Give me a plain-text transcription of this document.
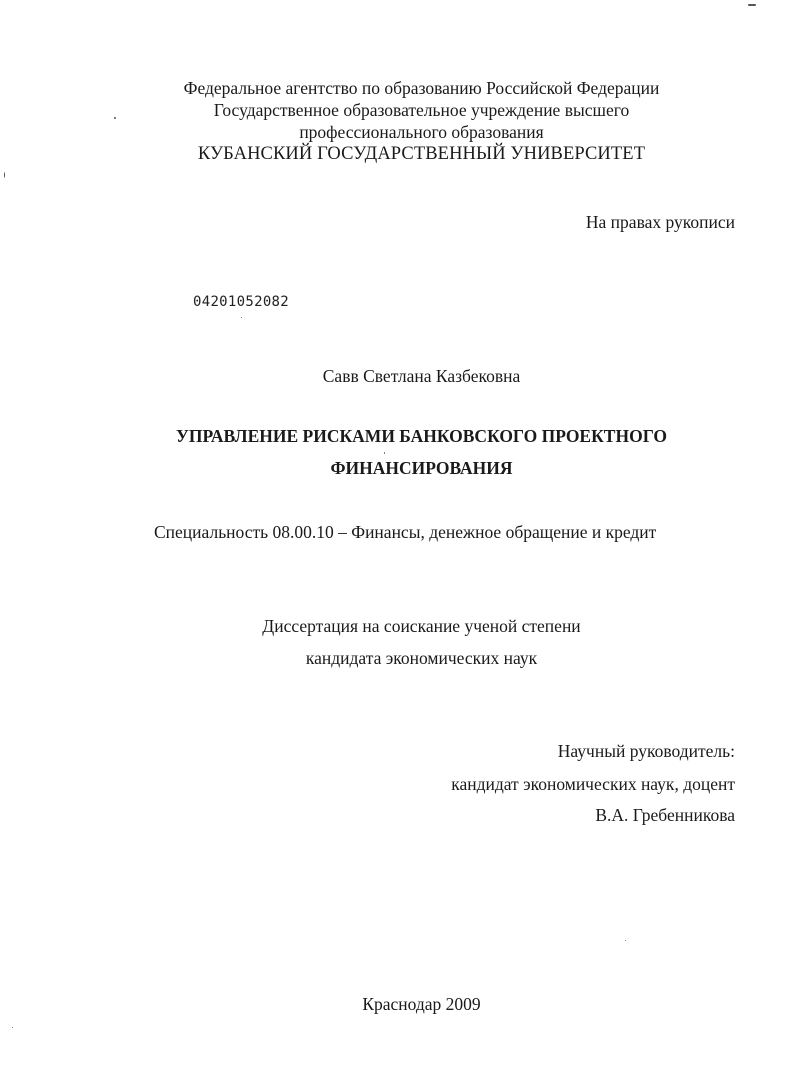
Федеральное агентство по образованию Российской Федерации
Государственное образовательное учреждение высшего
профессионального образования
КУБАНСКИЙ ГОСУДАРСТВЕННЫЙ УНИВЕРСИТЕТ
На правах рукописи
04201052082
Савв Светлана Казбековна
УПРАВЛЕНИЕ РИСКАМИ БАНКОВСКОГО ПРОЕКТНОГО
ФИНАНСИРОВАНИЯ
Специальность 08.00.10 – Финансы, денежное обращение и кредит
Диссертация на соискание ученой степени
кандидата экономических наук
Научный руководитель:
кандидат экономических наук, доцент
В.А. Гребенникова
Краснодар 2009
